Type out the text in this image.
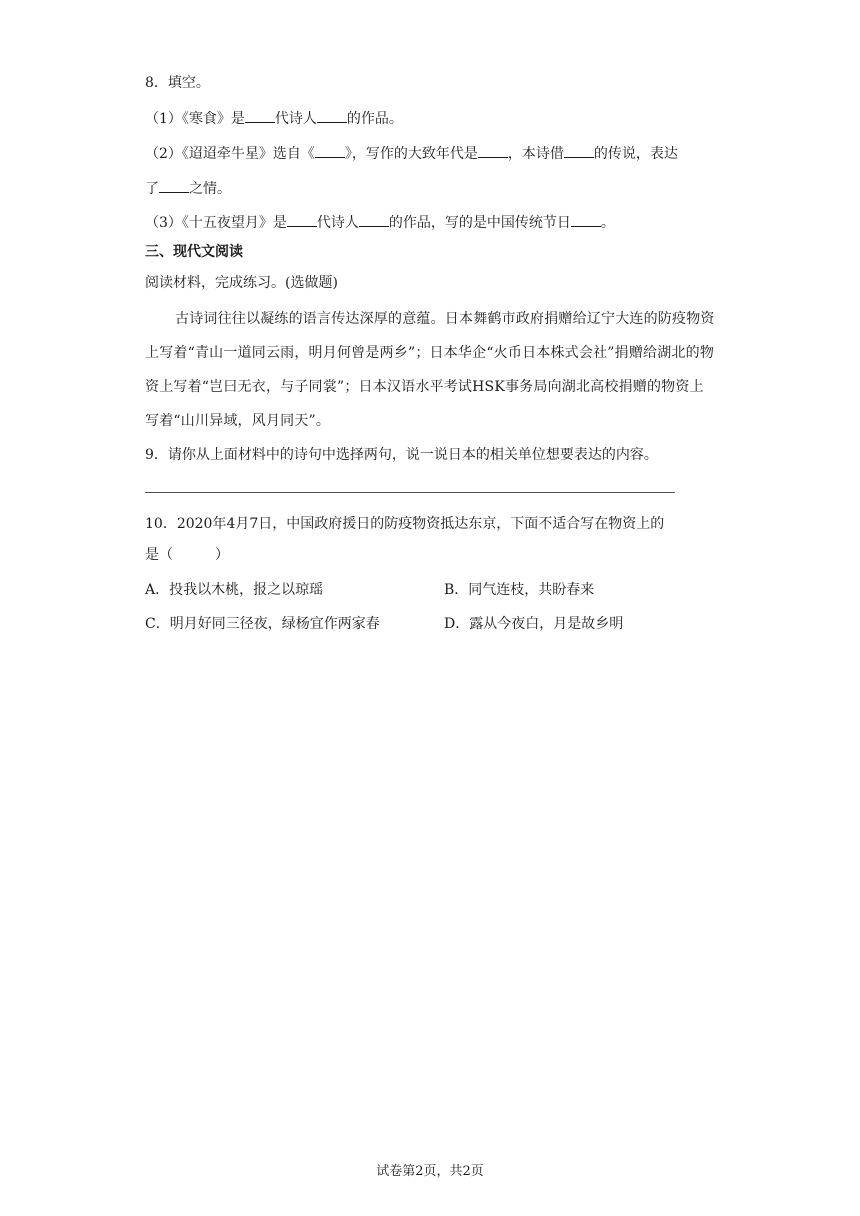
8．填空。
（1）《寒食》是 代诗人 的作品。
（2）《迢迢牵牛星》选自《 》，写作的大致年代是 ，本诗借 的传说，表达
了 之情。
（3）《十五夜望月》是 代诗人 的作品，写的是中国传统节日 。
三、现代文阅读
阅读材料，完成练习。(选做题)

古诗词往往以凝练的语言传达深厚的意蕴。日本舞鹤市政府捐赠给辽宁大连的防疫物资上写着“青山一道同云雨，明月何曾是两乡”；日本华企“火币日本株式会社”捐赠给湖北的物资上写着“岂曰无衣，与子同裳”；日本汉语水平考试HSK事务局向湖北高校捐赠的物资上写着“山川异域，风月同天”。

9．请你从上面材料中的诗句中选择两句，说一说日本的相关单位想要表达的内容。
10．2020年4月7日，中国政府援日的防疫物资抵达东京，下面不适合写在物资上的
是（　　　）
A．投我以木桃，报之以琼瑶	B．同气连枝，共盼春来
C．明月好同三径夜，绿杨宜作两家春	D．露从今夜白，月是故乡明
试卷第2页，共2页
